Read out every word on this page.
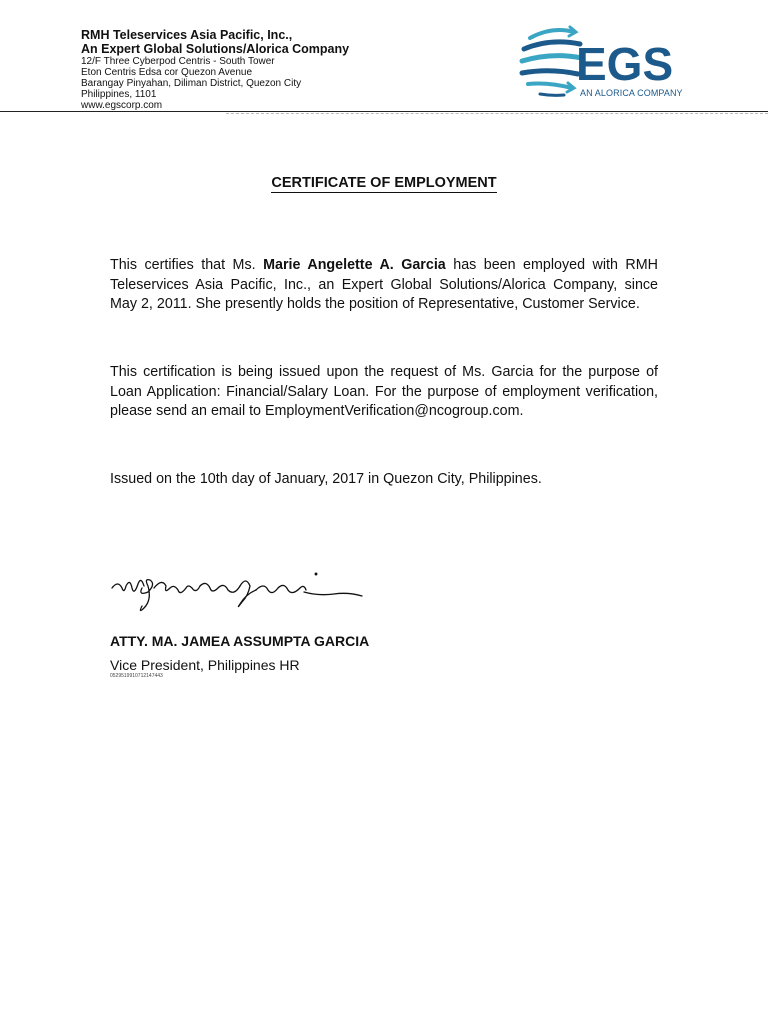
RMH Teleservices Asia Pacific, Inc.,
An Expert Global Solutions/Alorica Company
12/F Three Cyberpod Centris - South Tower
Eton Centris Edsa cor Quezon Avenue
Barangay Pinyahan, Diliman District, Quezon City
Philippines, 1101
www.egscorp.com
EGS
AN ALORICA COMPANY
CERTIFICATE OF EMPLOYMENT
This certifies that Ms. Marie Angelette A. Garcia has been employed with RMH Teleservices Asia Pacific, Inc., an Expert Global Solutions/Alorica Company, since May 2, 2011. She presently holds the position of Representative, Customer Service.
This certification is being issued upon the request of Ms. Garcia for the purpose of Loan Application: Financial/Salary Loan. For the purpose of employment verification, please send an email to EmploymentVerification@ncogroup.com.
Issued on the 10th day of January, 2017 in Quezon City, Philippines.
ATTY. MA. JAMEA ASSUMPTA GARCIA
Vice President, Philippines HR
052951991071214​7443
